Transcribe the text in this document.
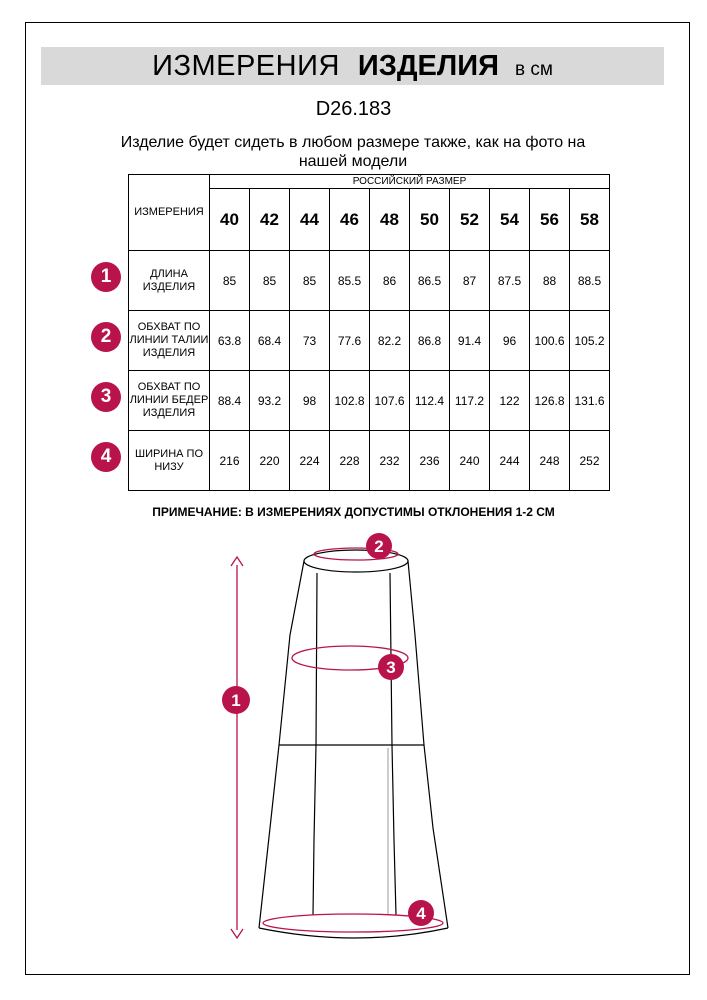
ИЗМЕРЕНИЯ ИЗДЕЛИЯ в см
D26.183
Изделие будет сидеть в любом размере также, как на фото на нашей модели
ИЗМЕРЕНИЯ	РОССИЙСКИЙ РАЗМЕР									
	40	42	44	46	48	50	52	54	56	58
ДЛИНА ИЗДЕЛИЯ	85	85	85	85.5	86	86.5	87	87.5	88	88.5
ОБХВАТ ПО ЛИНИИ ТАЛИИ ИЗДЕЛИЯ	63.8	68.4	73	77.6	82.2	86.8	91.4	96	100.6	105.2
ОБХВАТ ПО ЛИНИИ БЕДЕР ИЗДЕЛИЯ	88.4	93.2	98	102.8	107.6	112.4	117.2	122	126.8	131.6
ШИРИНА ПО НИЗУ	216	220	224	228	232	236	240	244	248	252
1
2
3
4
ПРИМЕЧАНИЕ: В ИЗМЕРЕНИЯХ ДОПУСТИМЫ ОТКЛОНЕНИЯ 1-2 СМ
1
2
3
4
